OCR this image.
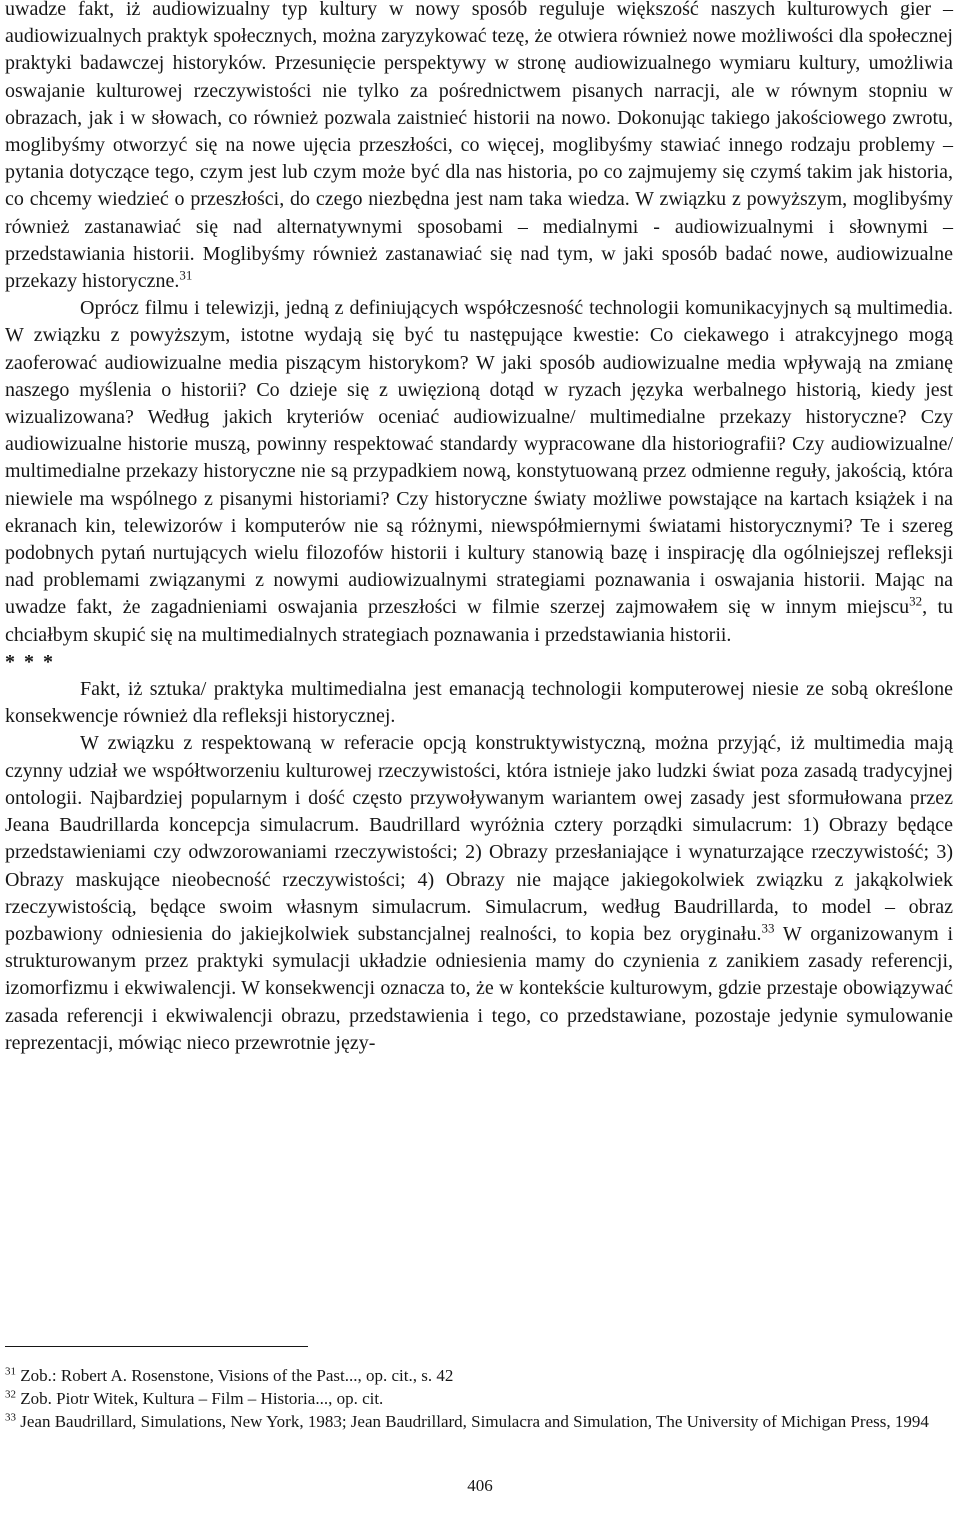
uwadze fakt, iż audiowizualny typ kultury w nowy sposób reguluje większość naszych kulturowych gier – audiowizualnych praktyk społecznych, można zaryzykować tezę, że otwiera również nowe możliwości dla społecznej praktyki badawczej historyków. Przesunięcie perspektywy w stronę audiowizualnego wymiaru kultury, umożliwia oswajanie kulturowej rzeczywistości nie tylko za pośrednictwem pisanych narracji, ale w równym stopniu w obrazach, jak i w słowach, co również pozwala zaistnieć historii na nowo. Dokonując takiego jakościowego zwrotu, moglibyśmy otworzyć się na nowe ujęcia przeszłości, co więcej, moglibyśmy stawiać innego rodzaju problemy – pytania dotyczące tego, czym jest lub czym może być dla nas historia, po co zajmujemy się czymś takim jak historia, co chcemy wiedzieć o przeszłości, do czego niezbędna jest nam taka wiedza. W związku z powyższym, moglibyśmy również zastanawiać się nad alternatywnymi sposobami – medialnymi - audiowizualnymi i słownymi – przedstawiania historii. Moglibyśmy również zastanawiać się nad tym, w jaki sposób badać nowe, audiowizualne przekazy historyczne.$^{31}$

Oprócz filmu i telewizji, jedną z definiujących współczesność technologii komunikacyjnych są multimedia. W związku z powyższym, istotne wydają się być tu następujące kwestie: Co ciekawego i atrakcyjnego mogą zaoferować audiowizualne media piszącym historykom? W jaki sposób audiowizualne media wpływają na zmianę naszego myślenia o historii? Co dzieje się z uwięzioną dotąd w ryzach języka werbalnego historią, kiedy jest wizualizowana? Według jakich kryteriów oceniać audiowizualne/ multimedialne przekazy historyczne? Czy audiowizualne historie muszą, powinny respektować standardy wypracowane dla historiografii? Czy audiowizualne/ multimedialne przekazy historyczne nie są przypadkiem nową, konstytuowaną przez odmienne reguły, jakością, która niewiele ma wspólnego z pisanymi historiami? Czy historyczne światy możliwe powstające na kartach książek i na ekranach kin, telewizorów i komputerów nie są różnymi, niewspółmiernymi światami historycznymi? Te i szereg podobnych pytań nurtujących wielu filozofów historii i kultury stanowią bazę i inspirację dla ogólniejszej refleksji nad problemami związanymi z nowymi audiowizualnymi strategiami poznawania i oswajania historii. Mając na uwadze fakt, że zagadnieniami oswajania przeszłości w filmie szerzej zajmowałem się w innym miejscu$^{32}$, tu chciałbym skupić się na multimedialnych strategiach poznawania i przedstawiania historii.

* * *

Fakt, iż sztuka/ praktyka multimedialna jest emanacją technologii komputerowej niesie ze sobą określone konsekwencje również dla refleksji historycznej.

W związku z respektowaną w referacie opcją konstruktywistyczną, można przyjąć, iż multimedia mają czynny udział we współtworzeniu kulturowej rzeczywistości, która istnieje jako ludzki świat poza zasadą tradycyjnej ontologii. Najbardziej popularnym i dość często przywoływanym wariantem owej zasady jest sformułowana przez Jeana Baudrillarda koncepcja simulacrum. Baudrillard wyróżnia cztery porządki simulacrum: 1) Obrazy będące przedstawieniami czy odwzorowaniami rzeczywistości; 2) Obrazy przesłaniające i wynaturzające rzeczywistość; 3) Obrazy maskujące nieobecność rzeczywistości; 4) Obrazy nie mające jakiegokolwiek związku z jakąkolwiek rzeczywistością, będące swoim własnym simulacrum. Simulacrum, według Baudrillarda, to model – obraz pozbawiony odniesienia do jakiejkolwiek substancjalnej realności, to kopia bez oryginału.$^{33}$ W organizowanym i strukturowanym przez praktyki symulacji układzie odniesienia mamy do czynienia z zanikiem zasady referencji, izomorfizmu i ekwiwalencji. W konsekwencji oznacza to, że w kontekście kulturowym, gdzie przestaje obowiązywać zasada referencji i ekwiwalencji obrazu, przedstawienia i tego, co przedstawiane, pozostaje jedynie symulowanie reprezentacji, mówiąc nieco przewrotnie języ-

$^{31}$ Zob.: Robert A. Rosenstone, Visions of the Past..., op. cit., s. 42

$^{32}$ Zob. Piotr Witek, Kultura – Film – Historia..., op. cit.

$^{33}$ Jean Baudrillard, Simulations, New York, 1983; Jean Baudrillard, Simulacra and Simulation, The University of Michigan Press, 1994

406
